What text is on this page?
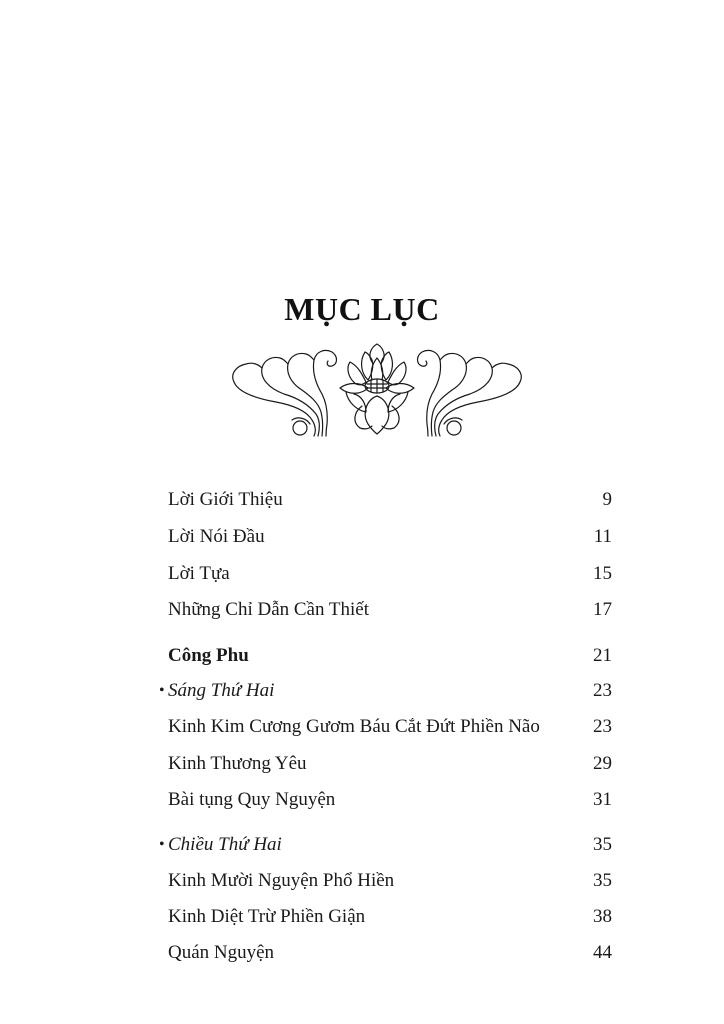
MỤC LỤC
Lời Giới Thiệu	9
Lời Nói Đầu	11
Lời Tựa	15
Những Chỉ Dẫn Cần Thiết	17
Công Phu	21
• Sáng Thứ Hai	23
Kinh Kim Cương Gươm Báu Cắt Đứt Phiền Não	23
Kinh Thương Yêu	29
Bài tụng Quy Nguyện	31
• Chiều Thứ Hai	35
Kinh Mười Nguyện Phổ Hiền	35
Kinh Diệt Trừ Phiền Giận	38
Quán Nguyện	44
